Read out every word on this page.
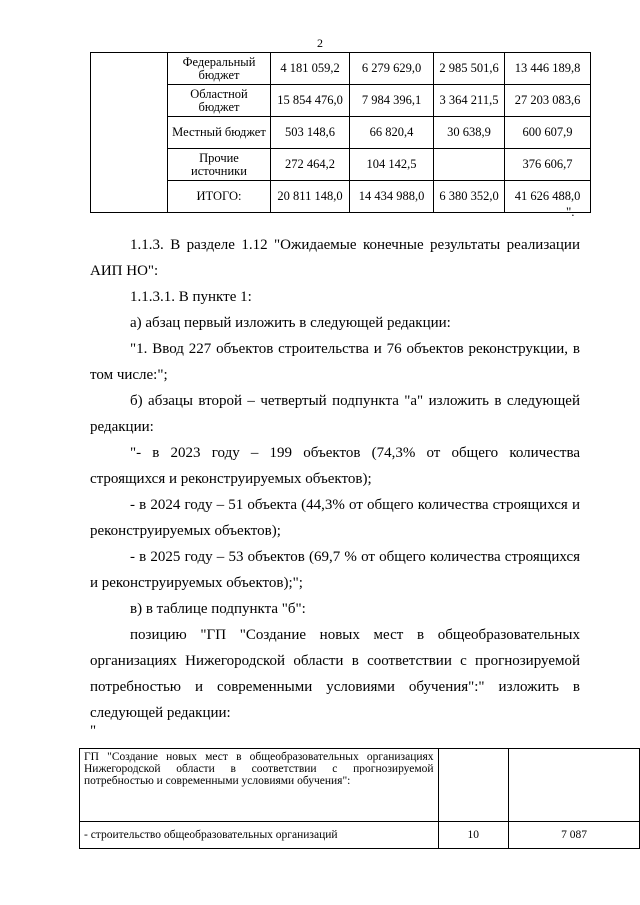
2
	Федеральный бюджет	4 181 059,2	6 279 629,0	2 985 501,6	13 446 189,8
	Областной бюджет	15 854 476,0	7 984 396,1	3 364 211,5	27 203 083,6
	Местный бюджет	503 148,6	66 820,4	30 638,9	600 607,9
	Прочие источники	272 464,2	104 142,5		376 606,7
	ИТОГО:	20 811 148,0	14 434 988,0	6 380 352,0	41 626 488,0
".
1.1.3. В разделе 1.12 "Ожидаемые конечные результаты реализации АИП НО":
1.1.3.1. В пункте 1:
а) абзац первый изложить в следующей редакции:
"1. Ввод 227 объектов строительства и 76 объектов реконструкции, в том числе:";
б) абзацы второй – четвертый подпункта "а" изложить в следующей редакции:
"- в 2023 году – 199 объектов (74,3% от общего количества строящихся и реконструируемых объектов);
- в 2024 году – 51 объекта (44,3% от общего количества строящихся и реконструируемых объектов);
- в 2025 году – 53 объектов (69,7 % от общего количества строящихся и реконструируемых объектов);";
в) в таблице подпункта "б":
позицию "ГП "Создание новых мест в общеобразовательных организациях Нижегородской области в соответствии с прогнозируемой потребностью и современными условиями обучения":" изложить в следующей редакции:
"
ГП "Создание новых мест в общеобразовательных организациях Нижегородской области в соответствии с прогнозируемой потребностью и современными условиями обучения":		
- строительство общеобразовательных организаций	10	7 087
